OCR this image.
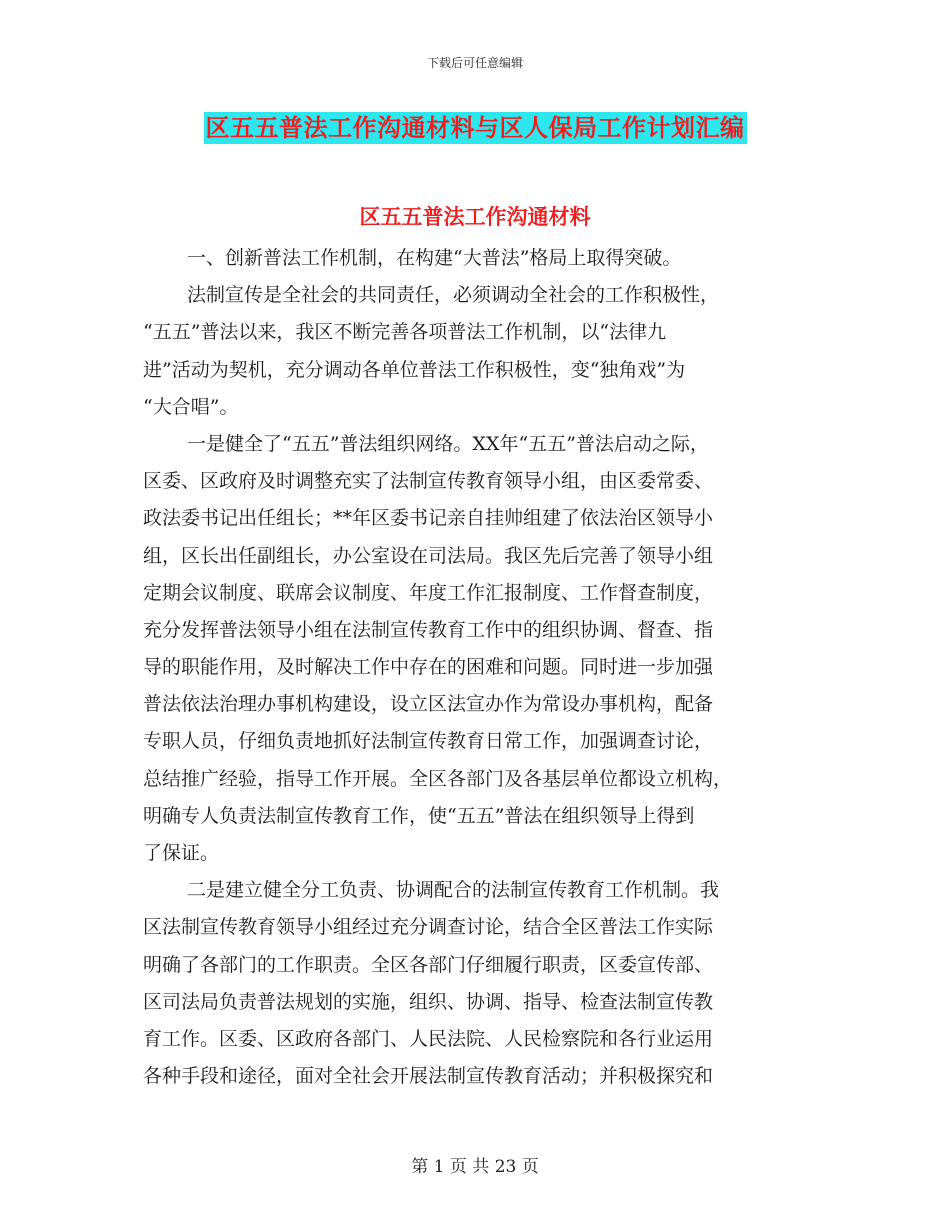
下载后可任意编辑
区五五普法工作沟通材料与区人保局工作计划汇编
区五五普法工作沟通材料
一、创新普法工作机制，在构建“大普法”格局上取得突破。
法制宣传是全社会的共同责任，必须调动全社会的工作积极性，
“五五”普法以来，我区不断完善各项普法工作机制，以“法律九
进”活动为契机，充分调动各单位普法工作积极性，变“独角戏”为
“大合唱”。
一是健全了“五五”普法组织网络。XX年“五五”普法启动之际，
区委、区政府及时调整充实了法制宣传教育领导小组，由区委常委、
政法委书记出任组长；**年区委书记亲自挂帅组建了依法治区领导小
组，区长出任副组长，办公室设在司法局。我区先后完善了领导小组
定期会议制度、联席会议制度、年度工作汇报制度、工作督查制度，
充分发挥普法领导小组在法制宣传教育工作中的组织协调、督查、指
导的职能作用，及时解决工作中存在的困难和问题。同时进一步加强
普法依法治理办事机构建设，设立区法宣办作为常设办事机构，配备
专职人员，仔细负责地抓好法制宣传教育日常工作，加强调查讨论，
总结推广经验，指导工作开展。全区各部门及各基层单位都设立机构，
明确专人负责法制宣传教育工作，使“五五”普法在组织领导上得到
了保证。
二是建立健全分工负责、协调配合的法制宣传教育工作机制。我
区法制宣传教育领导小组经过充分调查讨论，结合全区普法工作实际
明确了各部门的工作职责。全区各部门仔细履行职责，区委宣传部、
区司法局负责普法规划的实施，组织、协调、指导、检查法制宣传教
育工作。区委、区政府各部门、人民法院、人民检察院和各行业运用
各种手段和途径，面对全社会开展法制宣传教育活动；并积极探究和
第 1 页 共 23 页
